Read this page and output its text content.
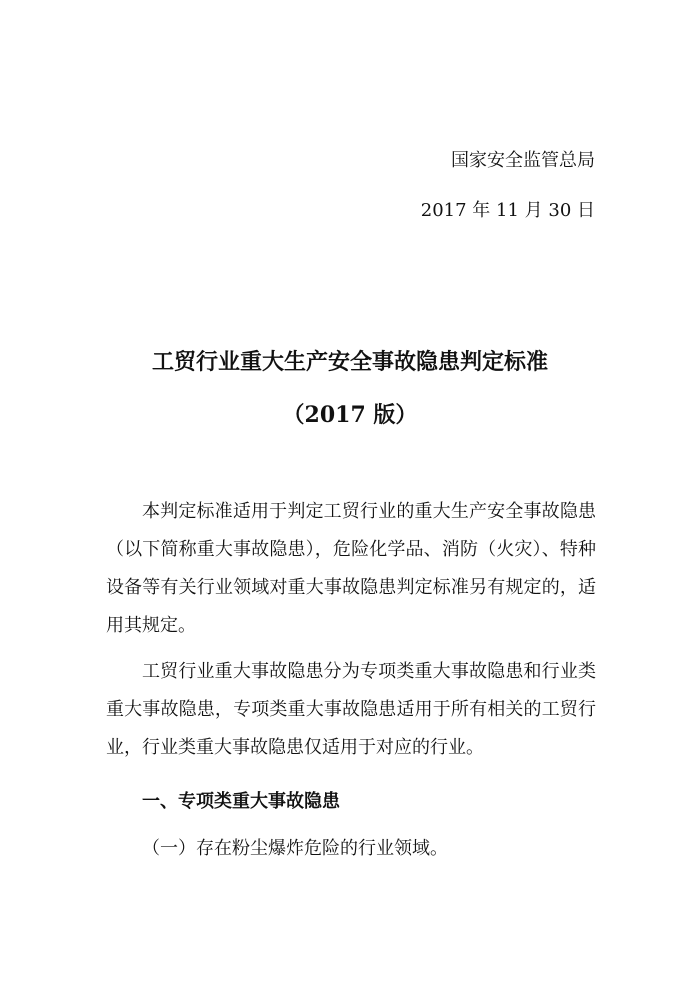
国家安全监管总局
2017 年 11 月 30 日
工贸行业重大生产安全事故隐患判定标准
（2017 版）

本判定标准适用于判定工贸行业的重大生产安全事故隐患（以下简称重大事故隐患），危险化学品、消防（火灾）、特种设备等有关行业领域对重大事故隐患判定标准另有规定的，适用其规定。

工贸行业重大事故隐患分为专项类重大事故隐患和行业类重大事故隐患，专项类重大事故隐患适用于所有相关的工贸行业，行业类重大事故隐患仅适用于对应的行业。

一、专项类重大事故隐患
（一）存在粉尘爆炸危险的行业领域。
